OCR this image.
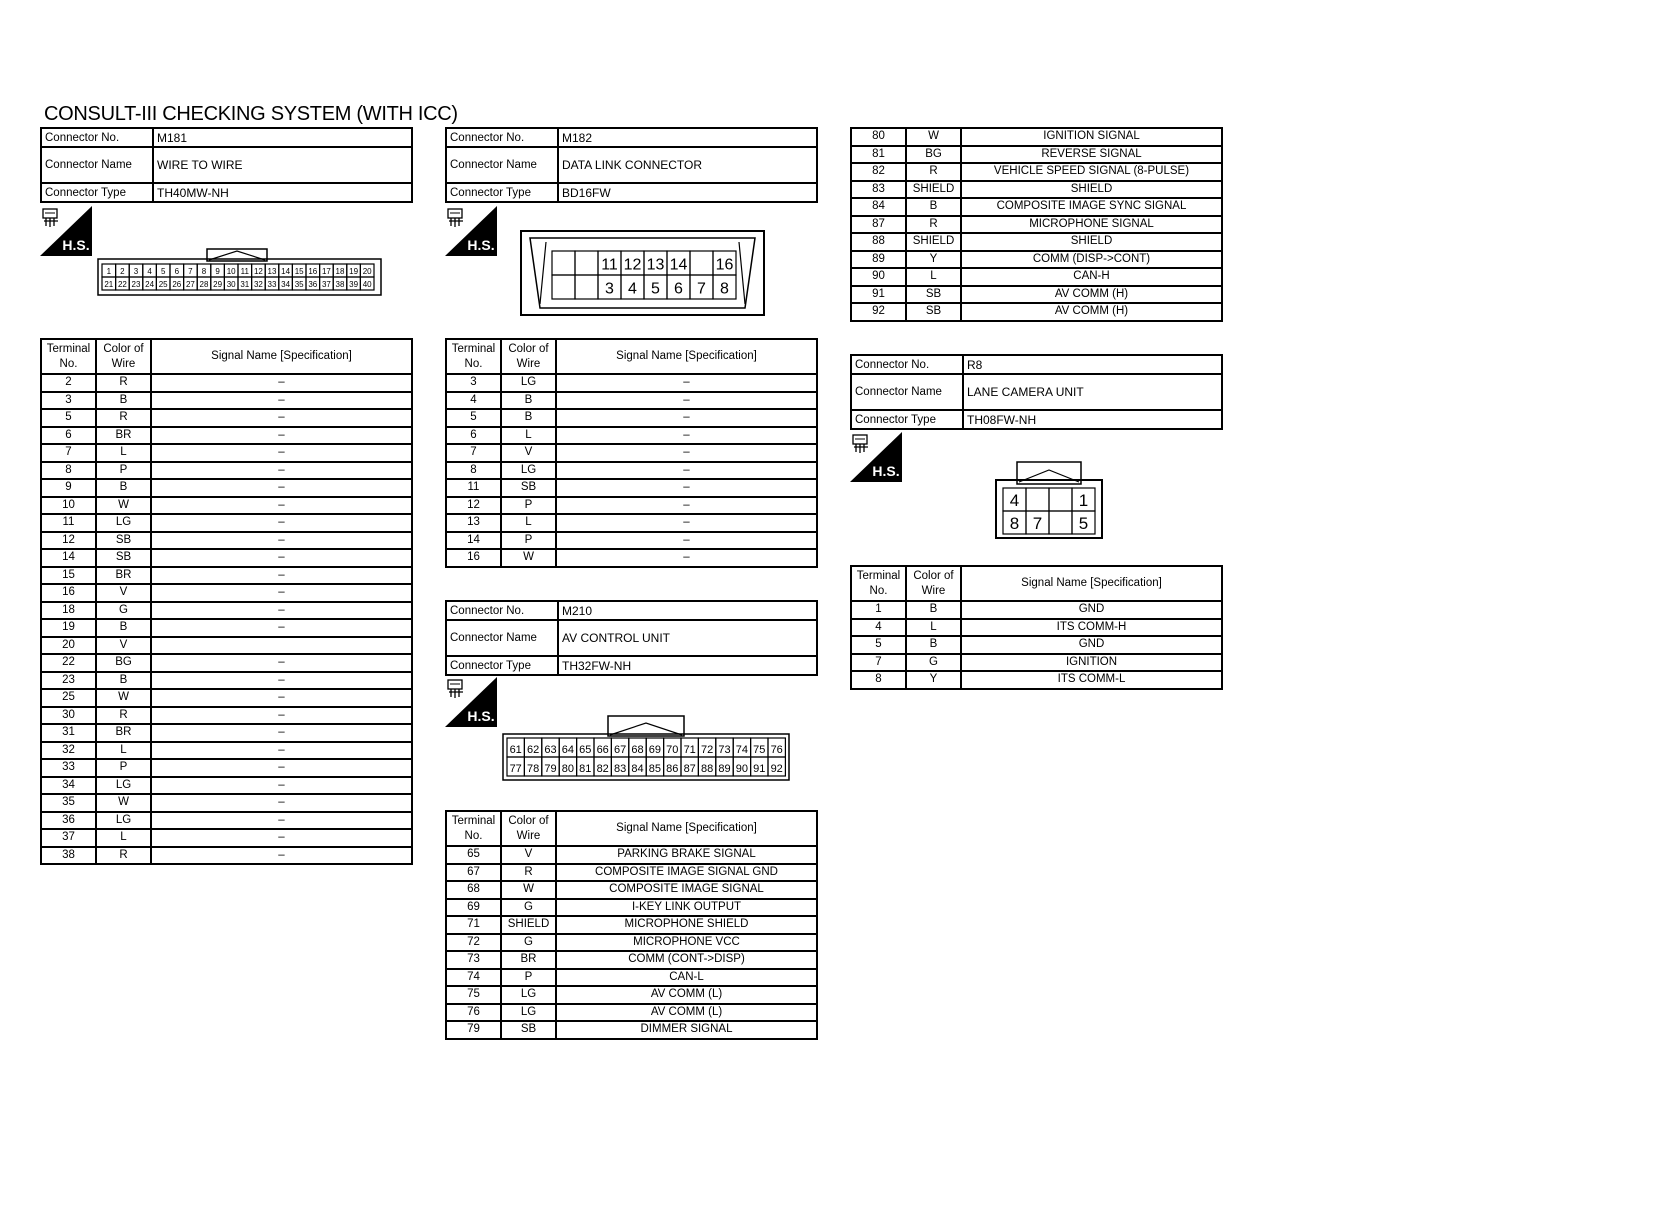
CONSULT-III CHECKING SYSTEM (WITH ICC)
Connector No.	M181
Connector Name	WIRE TO WIRE
Connector Type	TH40MW-NH
H.S.
1 2 3 4 5 6 7 8 9 10 11 12 13 14 15 16 17 18 19 20
21 22 23 24 25 26 27 28 29 30 31 32 33 34 35 36 37 38 39 40
Terminal No.	Color of Wire	Signal Name [Specification]
2	R	–
3	B	–
5	R	–
6	BR	–
7	L	–
8	P	–
9	B	–
10	W	–
11	LG	–
12	SB	–
14	SB	–
15	BR	–
16	V	–
18	G	–
19	B	–
20	V	
22	BG	–
23	B	–
25	W	–
30	R	–
31	BR	–
32	L	–
33	P	–
34	LG	–
35	W	–
36	LG	–
37	L	–
38	R	–
Connector No.	M182
Connector Name	DATA LINK CONNECTOR
Connector Type	BD16FW
H.S.
11 12 13 14 16
3 4 5 6 7 8
Terminal No.	Color of Wire	Signal Name [Specification]
3	LG	–
4	B	–
5	B	–
6	L	–
7	V	–
8	LG	–
11	SB	–
12	P	–
13	L	–
14	P	–
16	W	–
Connector No.	M210
Connector Name	AV CONTROL UNIT
Connector Type	TH32FW-NH
H.S.
61 62 63 64 65 66 67 68 69 70 71 72 73 74 75 76
77 78 79 80 81 82 83 84 85 86 87 88 89 90 91 92
Terminal No.	Color of Wire	Signal Name [Specification]
65	V	PARKING BRAKE SIGNAL
67	R	COMPOSITE IMAGE SIGNAL GND
68	W	COMPOSITE IMAGE SIGNAL
69	G	I-KEY LINK OUTPUT
71	SHIELD	MICROPHONE SHIELD
72	G	MICROPHONE VCC
73	BR	COMM (CONT->DISP)
74	P	CAN-L
75	LG	AV COMM (L)
76	LG	AV COMM (L)
79	SB	DIMMER SIGNAL
80	W	IGNITION SIGNAL
81	BG	REVERSE SIGNAL
82	R	VEHICLE SPEED SIGNAL (8-PULSE)
83	SHIELD	SHIELD
84	B	COMPOSITE IMAGE SYNC SIGNAL
87	R	MICROPHONE SIGNAL
88	SHIELD	SHIELD
89	Y	COMM (DISP->CONT)
90	L	CAN-H
91	SB	AV COMM (H)
92	SB	AV COMM (H)
Connector No.	R8
Connector Name	LANE CAMERA UNIT
Connector Type	TH08FW-NH
H.S.
4	1
8 7 5
Terminal No.	Color of Wire	Signal Name [Specification]
1	B	GND
4	L	ITS COMM-H
5	B	GND
7	G	IGNITION
8	Y	ITS COMM-L
